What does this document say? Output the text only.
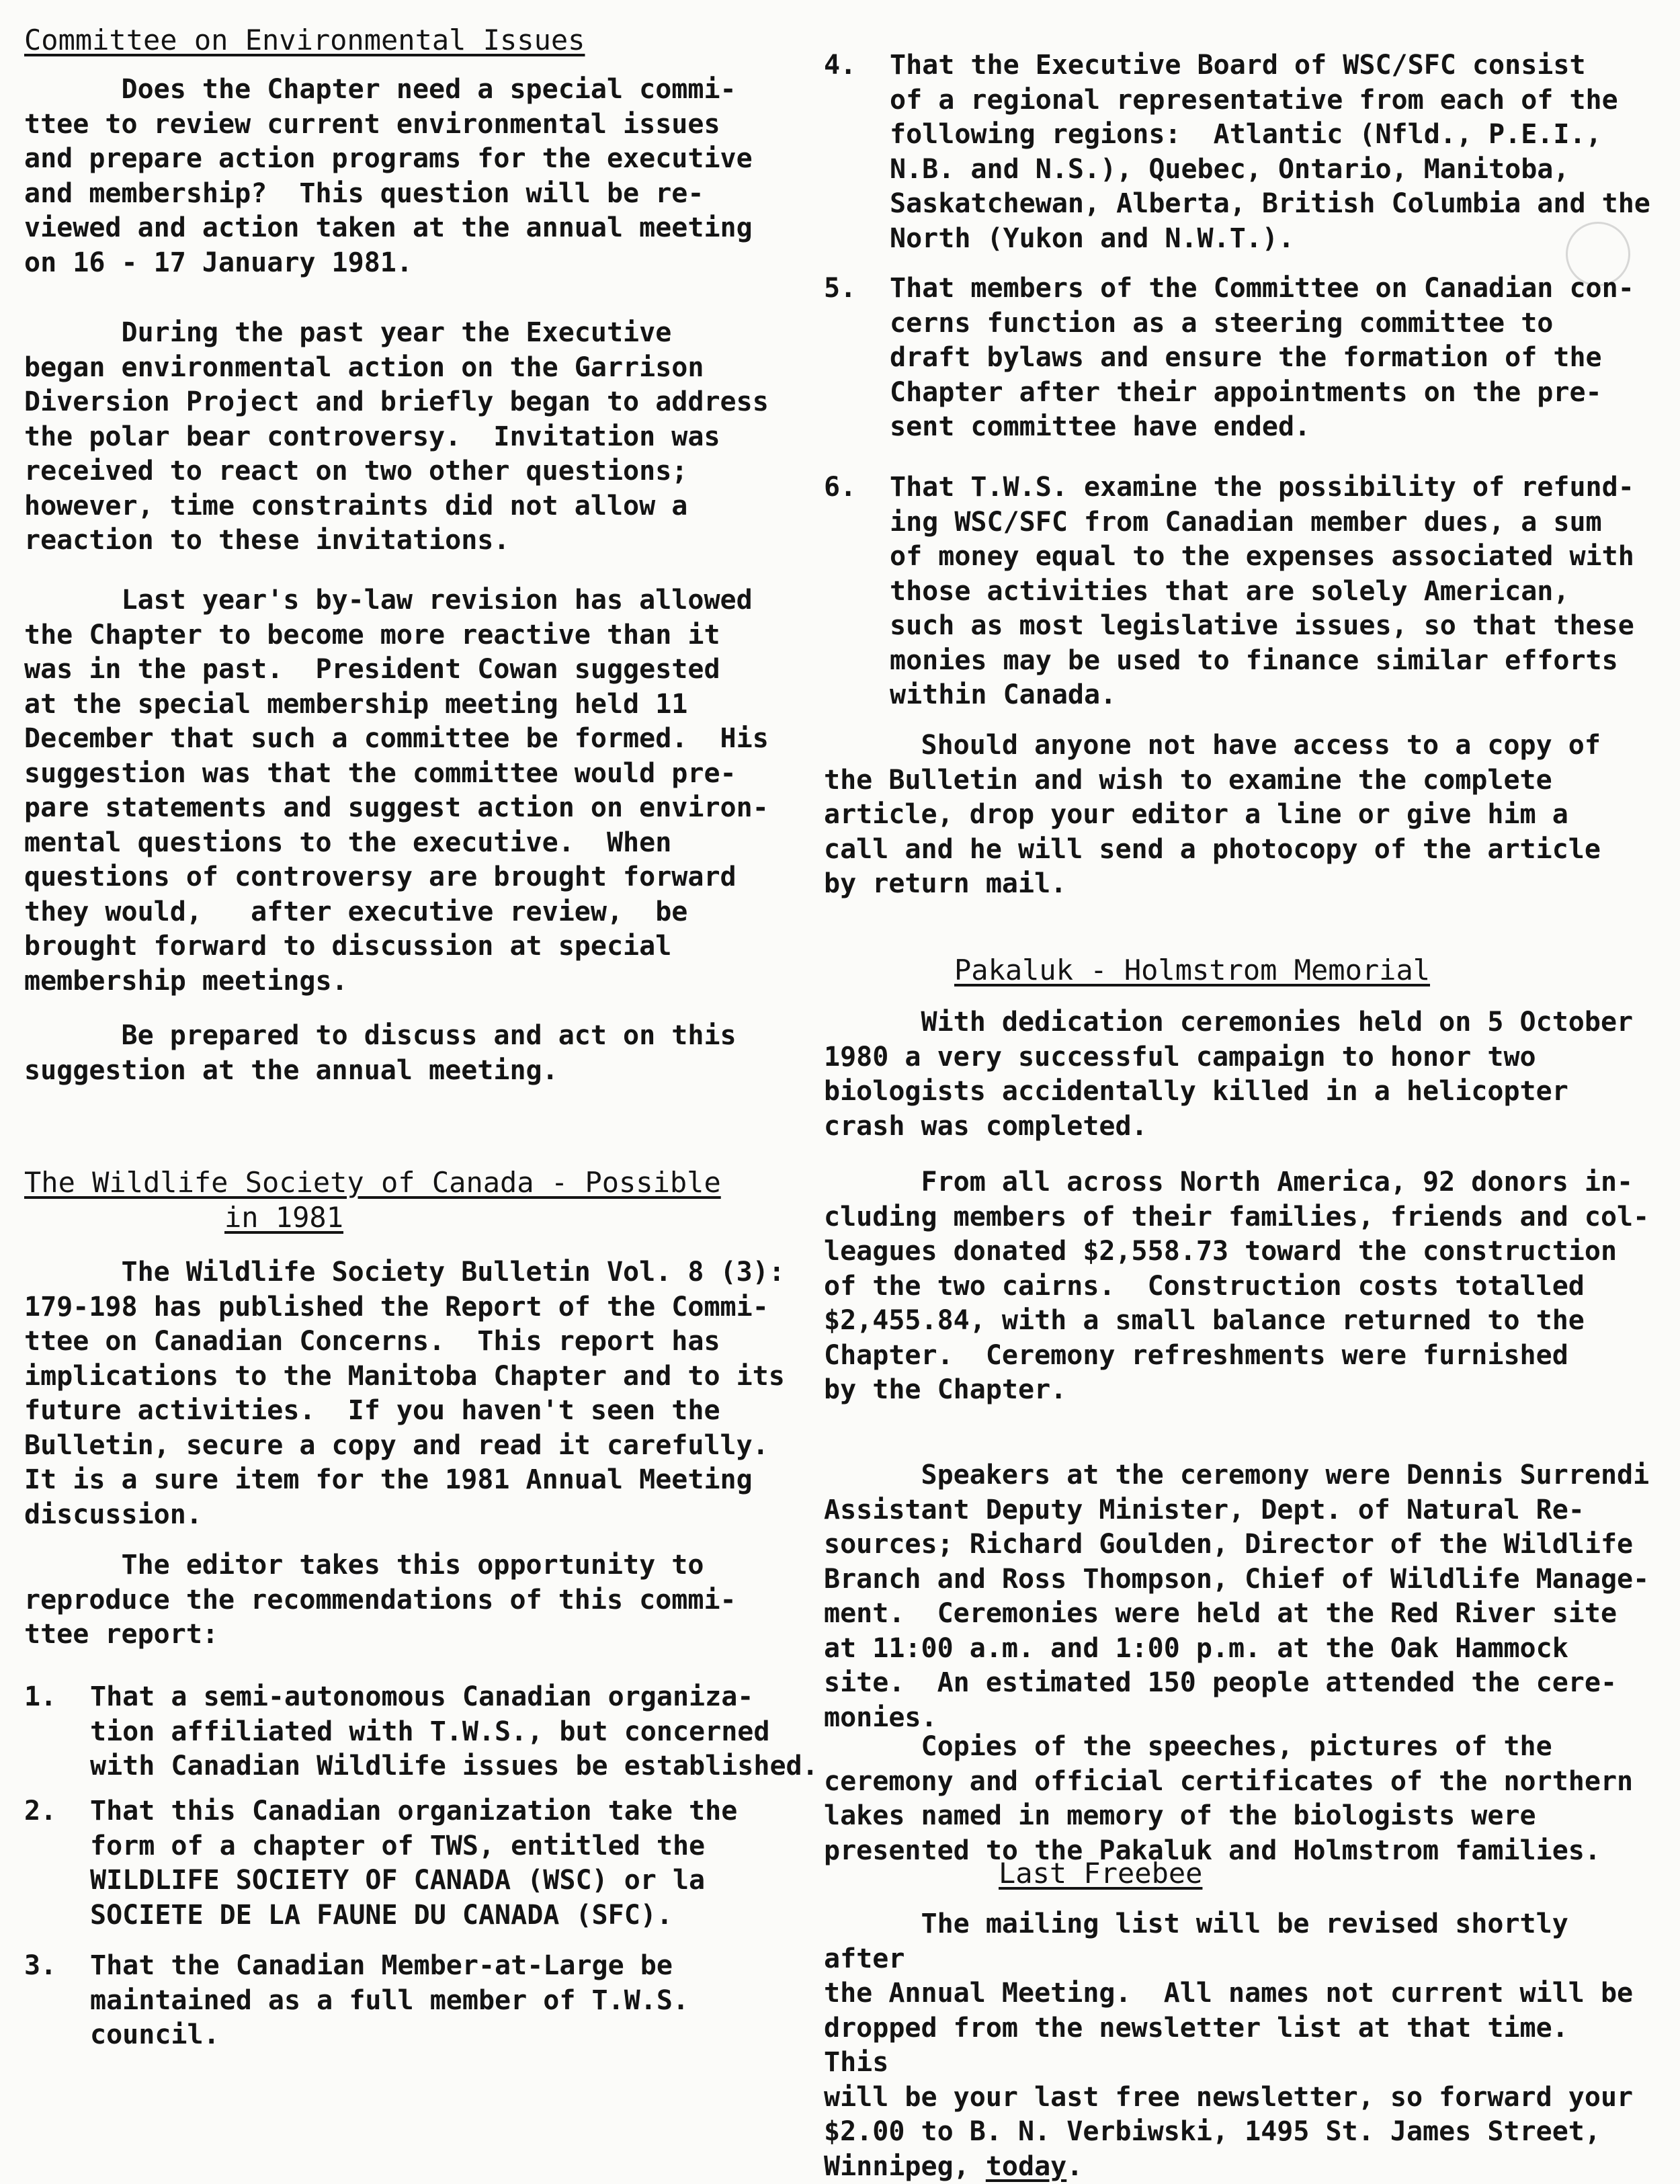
Committee on Environmental Issues

Does the Chapter need a special commi-
ttee to review current environmental issues
and prepare action programs for the executive
and membership?  This question will be re-
viewed and action taken at the annual meeting
on 16 - 17 January 1981.

During the past year the Executive
began environmental action on the Garrison
Diversion Project and briefly began to address
the polar bear controversy.  Invitation was
received to react on two other questions;
however, time constraints did not allow a
reaction to these invitations.

Last year's by-law revision has allowed
the Chapter to become more reactive than it
was in the past.  President Cowan suggested
at the special membership meeting held 11
December that such a committee be formed.  His
suggestion was that the committee would pre-
pare statements and suggest action on environ-
mental questions to the executive.  When
questions of controversy are brought forward
they would,   after executive review,  be
brought forward to discussion at special
membership meetings.

Be prepared to discuss and act on this
suggestion at the annual meeting.

The Wildlife Society of Canada - Possible
in 1981

The Wildlife Society Bulletin Vol. 8 (3):
179-198 has published the Report of the Commi-
ttee on Canadian Concerns.  This report has
implications to the Manitoba Chapter and to its
future activities.  If you haven't seen the
Bulletin, secure a copy and read it carefully.
It is a sure item for the 1981 Annual Meeting
discussion.

The editor takes this opportunity to
reproduce the recommendations of this commi-
ttee report:

1. That a semi-autonomous Canadian organiza-
tion affiliated with T.W.S., but concerned
with Canadian Wildlife issues be established.
2. That this Canadian organization take the
form of a chapter of TWS, entitled the
WILDLIFE SOCIETY OF CANADA (WSC) or la
SOCIETE DE LA FAUNE DU CANADA (SFC).
3. That the Canadian Member-at-Large be
maintained as a full member of T.W.S.
council.
4. That the Executive Board of WSC/SFC consist
of a regional representative from each of the
following regions:  Atlantic (Nfld., P.E.I.,
N.B. and N.S.), Quebec, Ontario, Manitoba,
Saskatchewan, Alberta, British Columbia and the
North (Yukon and N.W.T.).
5. That members of the Committee on Canadian con-
cerns function as a steering committee to
draft bylaws and ensure the formation of the
Chapter after their appointments on the pre-
sent committee have ended.
6. That T.W.S. examine the possibility of refund-
ing WSC/SFC from Canadian member dues, a sum
of money equal to the expenses associated with
those activities that are solely American,
such as most legislative issues, so that these
monies may be used to finance similar efforts
within Canada.

Should anyone not have access to a copy of
the Bulletin and wish to examine the complete
article, drop your editor a line or give him a
call and he will send a photocopy of the article
by return mail.

Pakaluk - Holmstrom Memorial

With dedication ceremonies held on 5 October
1980 a very successful campaign to honor two
biologists accidentally killed in a helicopter
crash was completed.

From all across North America, 92 donors in-
cluding members of their families, friends and col-
leagues donated $2,558.73 toward the construction
of the two cairns.  Construction costs totalled
$2,455.84, with a small balance returned to the
Chapter.  Ceremony refreshments were furnished
by the Chapter.

Speakers at the ceremony were Dennis Surrendi
Assistant Deputy Minister, Dept. of Natural Re-
sources; Richard Goulden, Director of the Wildlife
Branch and Ross Thompson, Chief of Wildlife Manage-
ment.  Ceremonies were held at the Red River site
at 11:00 a.m. and 1:00 p.m. at the Oak Hammock
site.  An estimated 150 people attended the cere-
monies.

Copies of the speeches, pictures of the
ceremony and official certificates of the northern
lakes named in memory of the biologists were
presented to the Pakaluk and Holmstrom families.

Last Freebee

The mailing list will be revised shortly after
the Annual Meeting.  All names not current will be
dropped from the newsletter list at that time.  This
will be your last free newsletter, so forward your
$2.00 to B. N. Verbiwski, 1495 St. James Street,
Winnipeg, today.
